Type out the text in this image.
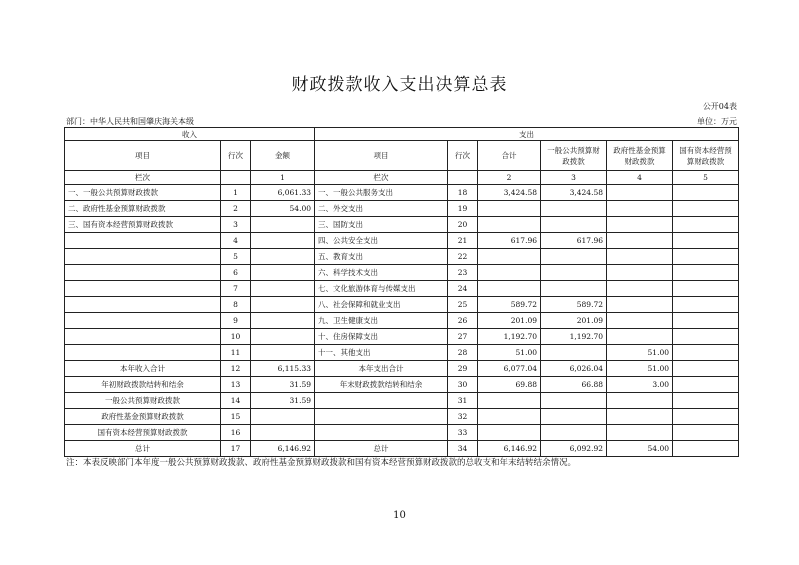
财政拨款收入支出决算总表
公开04表
部门：中华人民共和国肇庆海关本级	单位：万元
收入			支出					
项目	行次	金额	项目	行次	合计	一般公共预算财政拨款	政府性基金预算财政拨款	国有资本经营预算财政拨款
栏次		1	栏次		2	3	4	5
一、一般公共预算财政拨款	1	6,061.33	一、一般公共服务支出	18	3,424.58	3,424.58		
二、政府性基金预算财政拨款	2	54.00	二、外交支出	19				
三、国有资本经营预算财政拨款	3		三、国防支出	20				
	4		四、公共安全支出	21	617.96	617.96		
	5		五、教育支出	22				
	6		六、科学技术支出	23				
	7		七、文化旅游体育与传媒支出	24				
	8		八、社会保障和就业支出	25	589.72	589.72		
	9		九、卫生健康支出	26	201.09	201.09		
	10		十、住房保障支出	27	1,192.70	1,192.70		
	11		十一、其他支出	28	51.00		51.00	
本年收入合计	12	6,115.33	本年支出合计	29	6,077.04	6,026.04	51.00	
年初财政拨款结转和结余	13	31.59	年末财政拨款结转和结余	30	69.88	66.88	3.00	
一般公共预算财政拨款	14	31.59		31				
政府性基金预算财政拨款	15			32				
国有资本经营预算财政拨款	16			33				
总计	17	6,146.92	总计	34	6,146.92	6,092.92	54.00	
注：本表反映部门本年度一般公共预算财政拨款、政府性基金预算财政拨款和国有资本经营预算财政拨款的总收支和年末结转结余情况。
10
